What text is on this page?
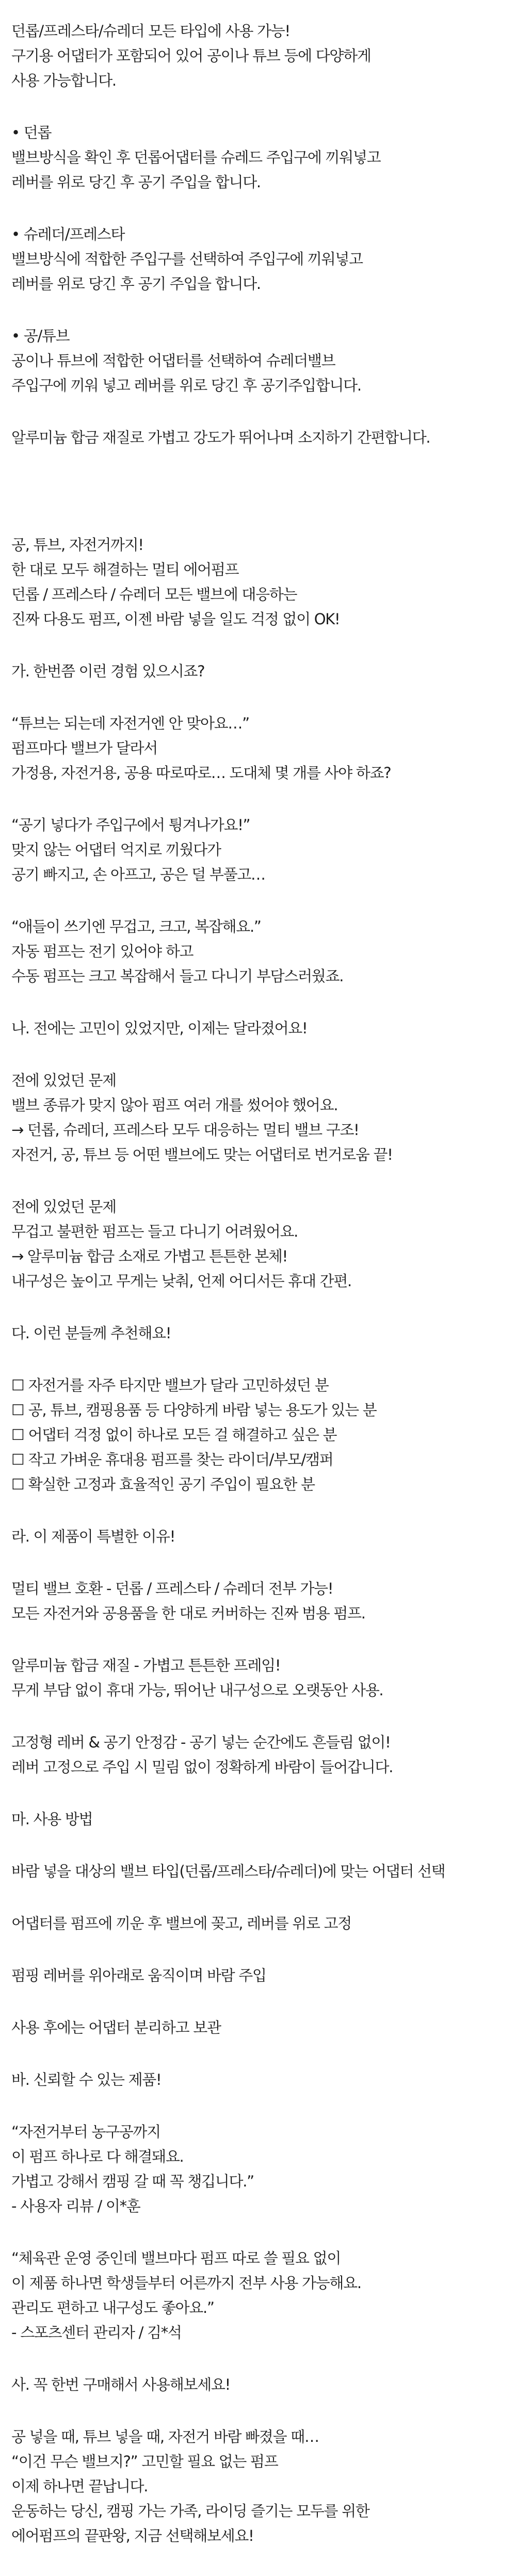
던롭/프레스타/슈레더 모든 타입에 사용 가능!
구기용 어댑터가 포함되어 있어 공이나 튜브 등에 다양하게
사용 가능합니다.
• 던롭
밸브방식을 확인 후 던롭어댑터를 슈레드 주입구에 끼워넣고
레버를 위로 당긴 후 공기 주입을 합니다.
• 슈레더/프레스타
밸브방식에 적합한 주입구를 선택하여 주입구에 끼워넣고
레버를 위로 당긴 후 공기 주입을 합니다.
• 공/튜브
공이나 튜브에 적합한 어댑터를 선택하여 슈레더밸브
주입구에 끼워 넣고 레버를 위로 당긴 후 공기주입합니다.
알루미늄 합금 재질로 가볍고 강도가 뛰어나며 소지하기 간편합니다.
공, 튜브, 자전거까지!
한 대로 모두 해결하는 멀티 에어펌프
던롭 / 프레스타 / 슈레더 모든 밸브에 대응하는
진짜 다용도 펌프, 이젠 바람 넣을 일도 걱정 없이 OK!
가. 한번쯤 이런 경험 있으시죠?
“튜브는 되는데 자전거엔 안 맞아요…”
펌프마다 밸브가 달라서
가정용, 자전거용, 공용 따로따로… 도대체 몇 개를 사야 하죠?
“공기 넣다가 주입구에서 튕겨나가요!”
맞지 않는 어댑터 억지로 끼웠다가
공기 빠지고, 손 아프고, 공은 덜 부풀고…
“애들이 쓰기엔 무겁고, 크고, 복잡해요.”
자동 펌프는 전기 있어야 하고
수동 펌프는 크고 복잡해서 들고 다니기 부담스러웠죠.
나. 전에는 고민이 있었지만, 이제는 달라졌어요!
전에 있었던 문제
밸브 종류가 맞지 않아 펌프 여러 개를 썼어야 했어요.
→ 던롭, 슈레더, 프레스타 모두 대응하는 멀티 밸브 구조!
자전거, 공, 튜브 등 어떤 밸브에도 맞는 어댑터로 번거로움 끝!
전에 있었던 문제
무겁고 불편한 펌프는 들고 다니기 어려웠어요.
→ 알루미늄 합금 소재로 가볍고 튼튼한 본체!
내구성은 높이고 무게는 낮춰, 언제 어디서든 휴대 간편.
다. 이런 분들께 추천해요!
☐ 자전거를 자주 타지만 밸브가 달라 고민하셨던 분
☐ 공, 튜브, 캠핑용품 등 다양하게 바람 넣는 용도가 있는 분
☐ 어댑터 걱정 없이 하나로 모든 걸 해결하고 싶은 분
☐ 작고 가벼운 휴대용 펌프를 찾는 라이더/부모/캠퍼
☐ 확실한 고정과 효율적인 공기 주입이 필요한 분
라. 이 제품이 특별한 이유!
멀티 밸브 호환 - 던롭 / 프레스타 / 슈레더 전부 가능!
모든 자전거와 공용품을 한 대로 커버하는 진짜 범용 펌프.
알루미늄 합금 재질 - 가볍고 튼튼한 프레임!
무게 부담 없이 휴대 가능, 뛰어난 내구성으로 오랫동안 사용.
고정형 레버 & 공기 안정감 - 공기 넣는 순간에도 흔들림 없이!
레버 고정으로 주입 시 밀림 없이 정확하게 바람이 들어갑니다.
마. 사용 방법
바람 넣을 대상의 밸브 타입(던롭/프레스타/슈레더)에 맞는 어댑터 선택
어댑터를 펌프에 끼운 후 밸브에 꽂고, 레버를 위로 고정
펌핑 레버를 위아래로 움직이며 바람 주입
사용 후에는 어댑터 분리하고 보관
바. 신뢰할 수 있는 제품!
“자전거부터 농구공까지
이 펌프 하나로 다 해결돼요.
가볍고 강해서 캠핑 갈 때 꼭 챙깁니다.”
- 사용자 리뷰 / 이*훈
“체육관 운영 중인데 밸브마다 펌프 따로 쓸 필요 없이
이 제품 하나면 학생들부터 어른까지 전부 사용 가능해요.
관리도 편하고 내구성도 좋아요.”
- 스포츠센터 관리자 / 김*석
사. 꼭 한번 구매해서 사용해보세요!
공 넣을 때, 튜브 넣을 때, 자전거 바람 빠졌을 때…
“이건 무슨 밸브지?” 고민할 필요 없는 펌프
이제 하나면 끝납니다.
운동하는 당신, 캠핑 가는 가족, 라이딩 즐기는 모두를 위한
에어펌프의 끝판왕, 지금 선택해보세요!
